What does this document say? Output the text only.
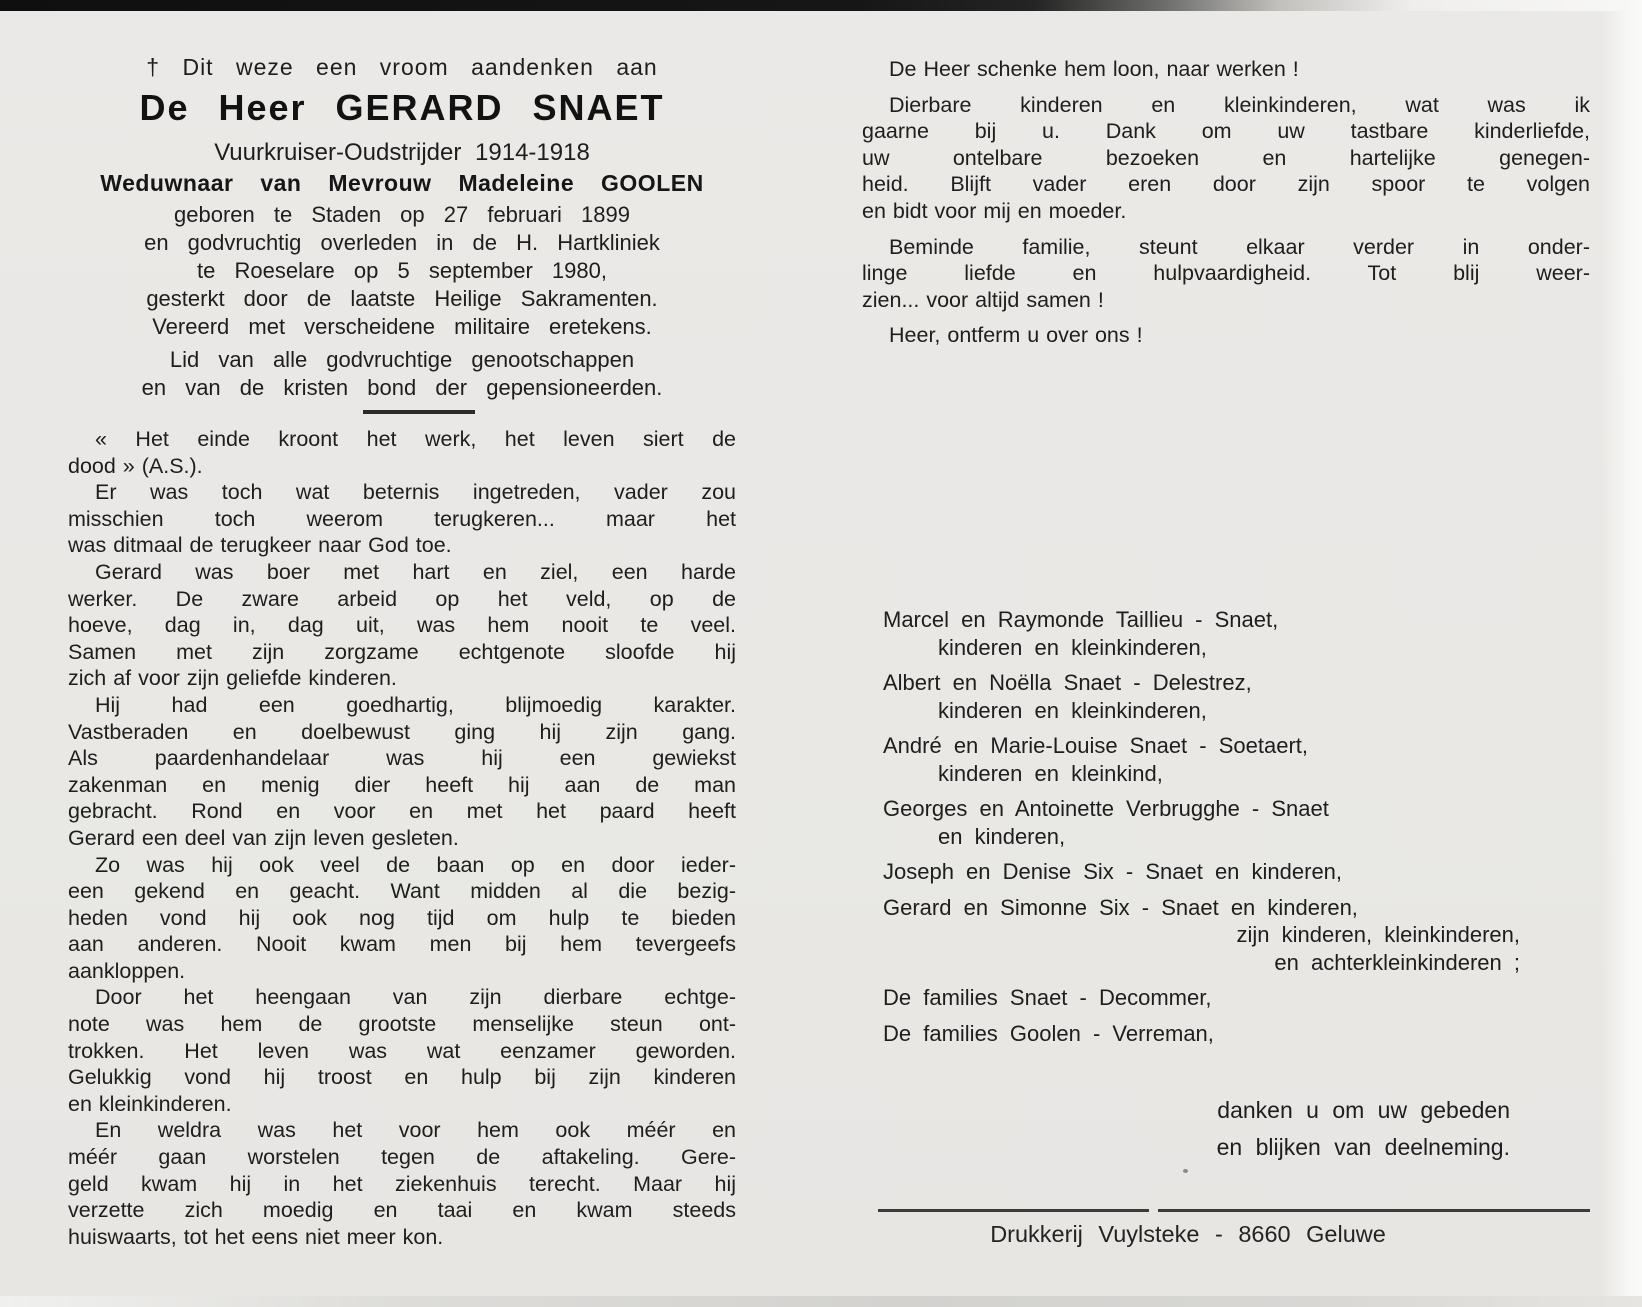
† Dit weze een vroom aandenken aan
De Heer GERARD SNAET
Vuurkruiser-Oudstrijder 1914-1918
Weduwnaar van Mevrouw Madeleine GOOLEN
geboren te Staden op 27 februari 1899
en godvruchtig overleden in de H. Hartkliniek
te Roeselare op 5 september 1980,
gesterkt door de laatste Heilige Sakramenten.
Vereerd met verscheidene militaire eretekens.
Lid van alle godvruchtige genootschappen
en van de kristen bond der gepensioneerden.
« Het einde kroont het werk, het leven siert de
dood » (A.S.).
Er was toch wat beternis ingetreden, vader zou
misschien toch weerom terugkeren... maar het
was ditmaal de terugkeer naar God toe.
Gerard was boer met hart en ziel, een harde
werker. De zware arbeid op het veld, op de
hoeve, dag in, dag uit, was hem nooit te veel.
Samen met zijn zorgzame echtgenote sloofde hij
zich af voor zijn geliefde kinderen.
Hij had een goedhartig, blijmoedig karakter.
Vastberaden en doelbewust ging hij zijn gang.
Als paardenhandelaar was hij een gewiekst
zakenman en menig dier heeft hij aan de man
gebracht. Rond en voor en met het paard heeft
Gerard een deel van zijn leven gesleten.
Zo was hij ook veel de baan op en door ieder-
een gekend en geacht. Want midden al die bezig-
heden vond hij ook nog tijd om hulp te bieden
aan anderen. Nooit kwam men bij hem tevergeefs
aankloppen.
Door het heengaan van zijn dierbare echtge-
note was hem de grootste menselijke steun ont-
trokken. Het leven was wat eenzamer geworden.
Gelukkig vond hij troost en hulp bij zijn kinderen
en kleinkinderen.
En weldra was het voor hem ook méér en
méér gaan worstelen tegen de aftakeling. Gere-
geld kwam hij in het ziekenhuis terecht. Maar hij
verzette zich moedig en taai en kwam steeds
huiswaarts, tot het eens niet meer kon.
De Heer schenke hem loon, naar werken !
Dierbare kinderen en kleinkinderen, wat was ik
gaarne bij u. Dank om uw tastbare kinderliefde,
uw ontelbare bezoeken en hartelijke genegen-
heid. Blijft vader eren door zijn spoor te volgen
en bidt voor mij en moeder.
Beminde familie, steunt elkaar verder in onder-
linge liefde en hulpvaardigheid. Tot blij weer-
zien... voor altijd samen !
Heer, ontferm u over ons !
Marcel en Raymonde Taillieu - Snaet,
kinderen en kleinkinderen,
Albert en Noëlla Snaet - Delestrez,
kinderen en kleinkinderen,
André en Marie-Louise Snaet - Soetaert,
kinderen en kleinkind,
Georges en Antoinette Verbrugghe - Snaet
en kinderen,
Joseph en Denise Six - Snaet en kinderen,
Gerard en Simonne Six - Snaet en kinderen,
zijn kinderen, kleinkinderen,
en achterkleinkinderen ;
De families Snaet - Decommer,
De families Goolen - Verreman,
danken u om uw gebeden
en blijken van deelneming.
Drukkerij Vuylsteke - 8660 Geluwe
